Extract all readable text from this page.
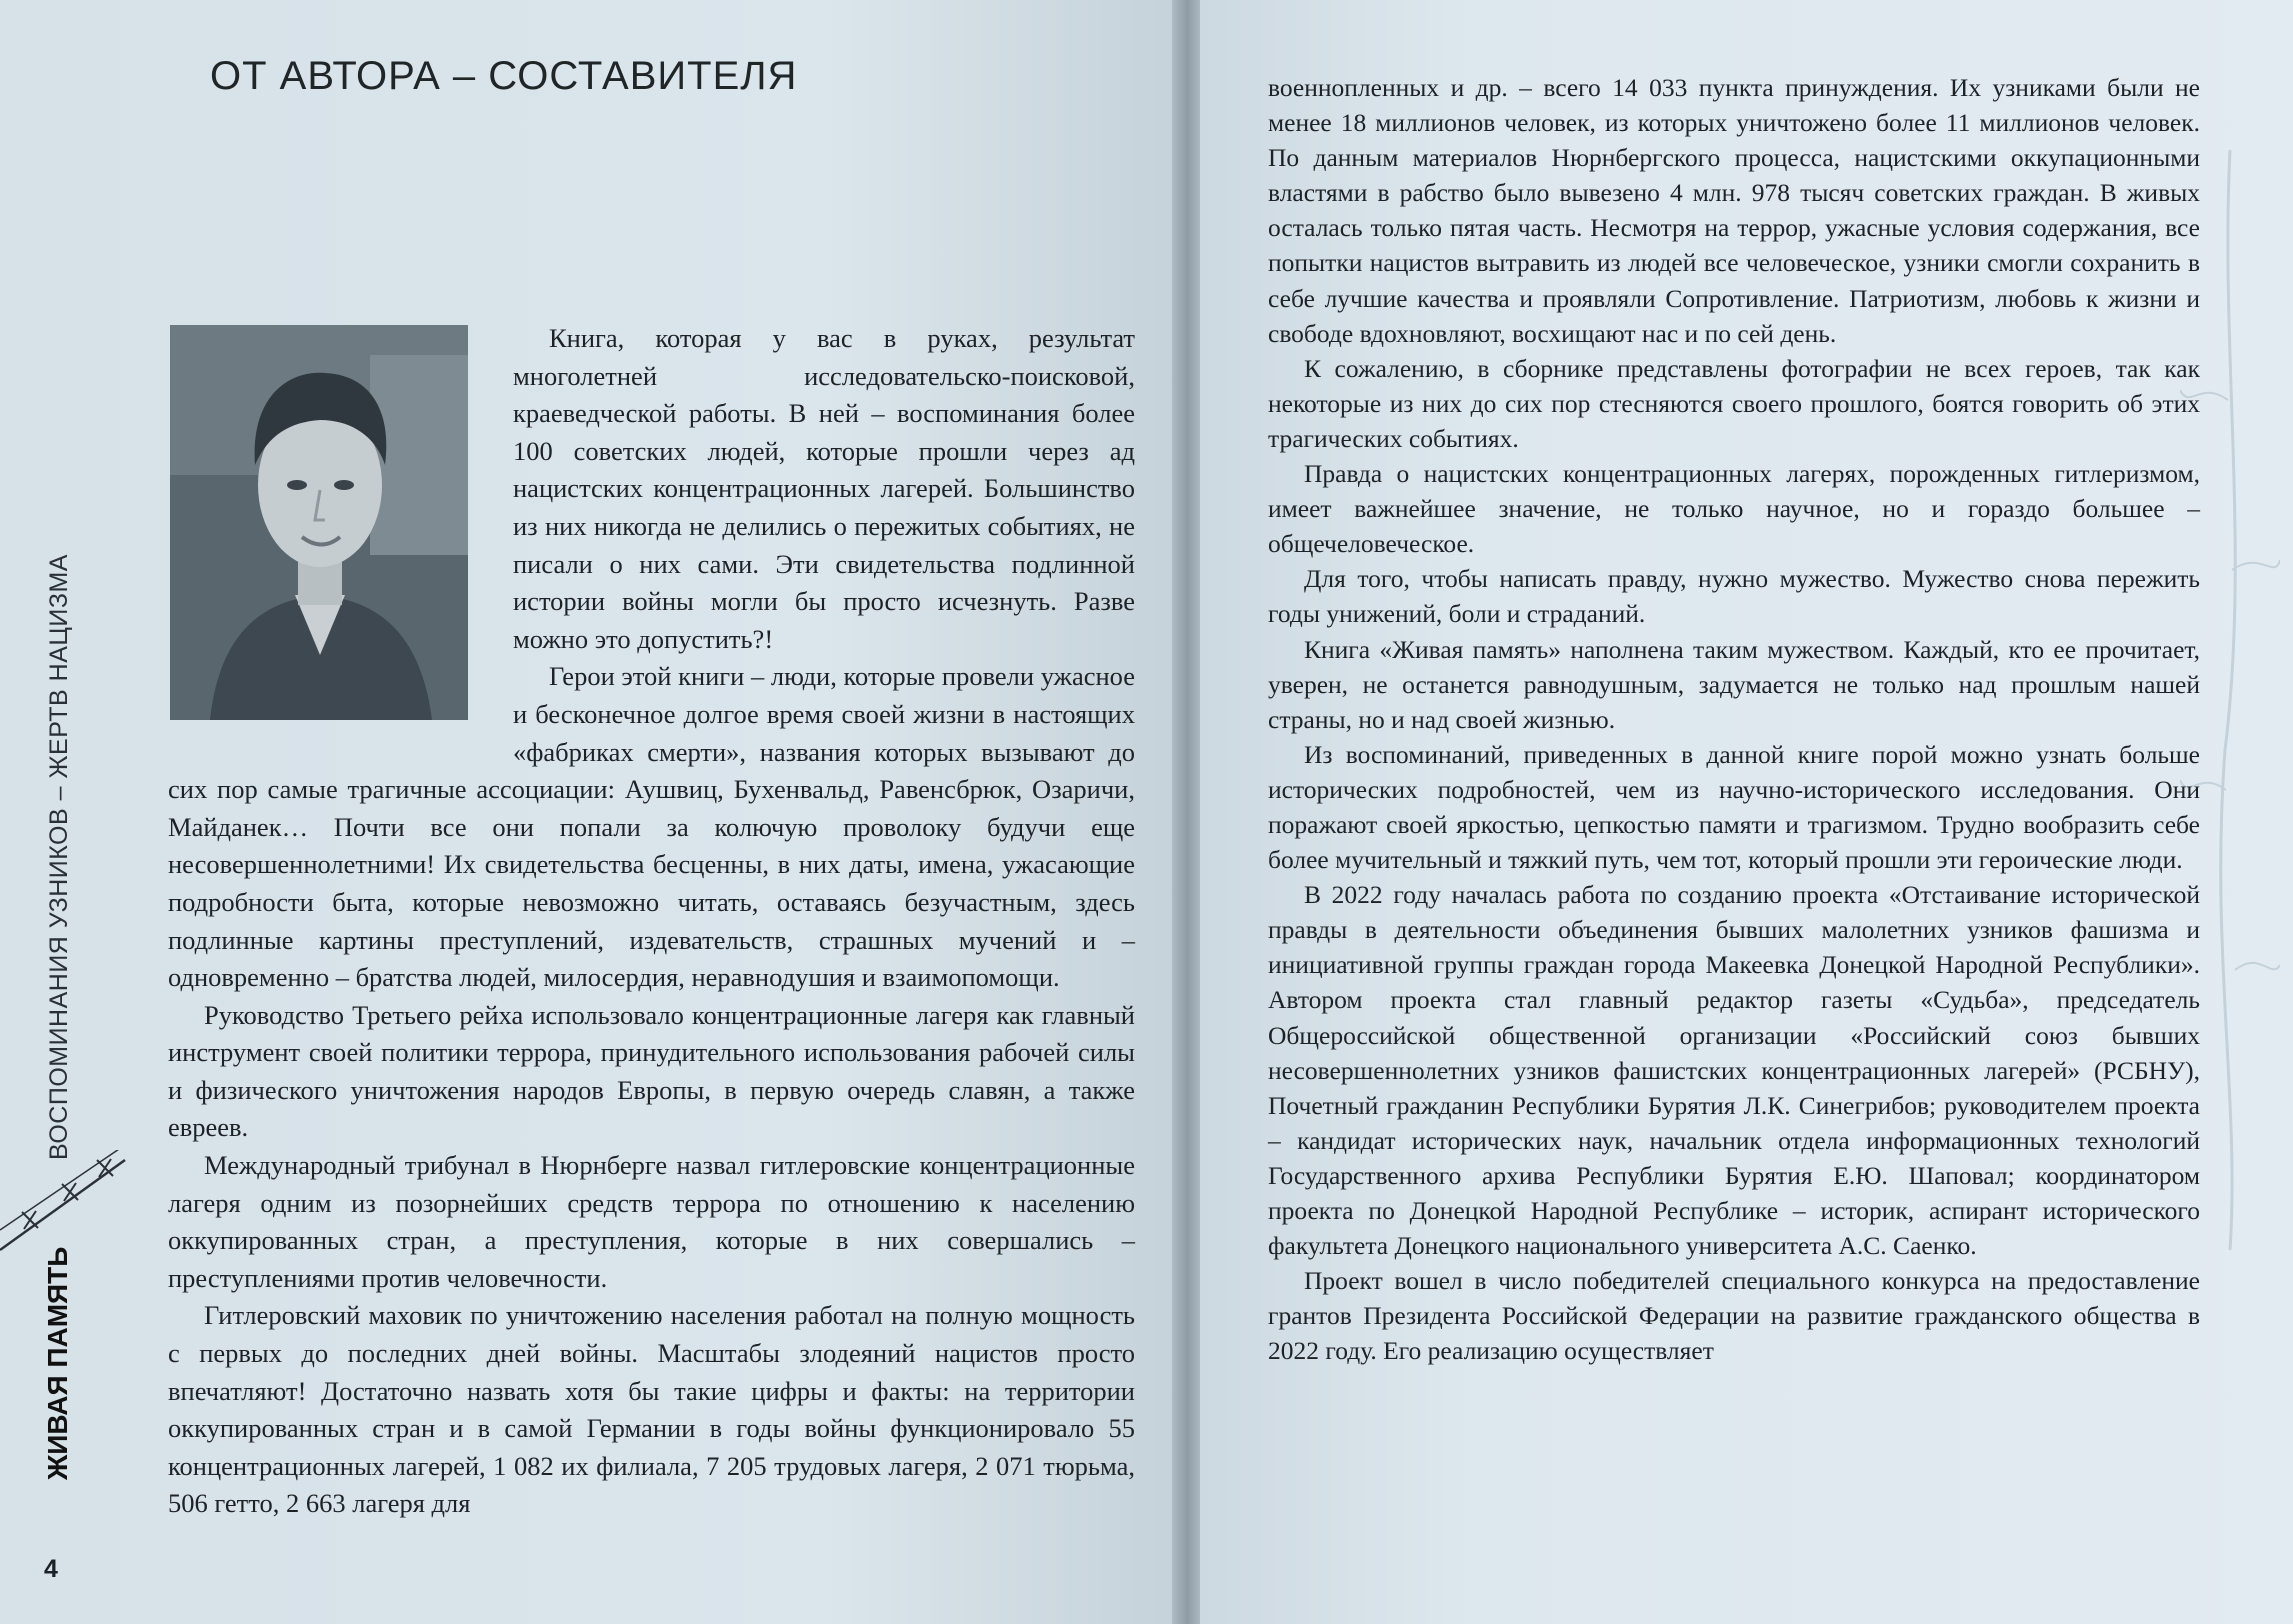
ОТ АВТОРА – СОСТАВИТЕЛЯ

Книга, которая у вас в руках, результат многолетней исследовательско-поисковой, краеведческой работы. В ней – воспоминания более 100 советских людей, которые прошли через ад нацистских концентрационных лагерей. Большинство из них никогда не делились о пережитых событиях, не писали о них сами. Эти свидетельства подлинной истории войны могли бы просто исчезнуть. Разве можно это допустить?!

Герои этой книги – люди, которые провели ужасное и бесконечное долгое время своей жизни в настоящих «фабриках смерти», названия которых вызывают до сих пор самые трагичные ассоциации: Аушвиц, Бухенвальд, Равенсбрюк, Озаричи, Майданек… Почти все они попали за колючую проволоку будучи еще несовершеннолетними! Их свидетельства бесценны, в них даты, имена, ужасающие подробности быта, которые невозможно читать, оставаясь безучастным, здесь подлинные картины преступлений, издевательств, страшных мучений и – одновременно – братства людей, милосердия, неравнодушия и взаимопомощи.

Руководство Третьего рейха использовало концентрационные лагеря как главный инструмент своей политики террора, принудительного использования рабочей силы и физического уничтожения народов Европы, в первую очередь славян, а также евреев.

Международный трибунал в Нюрнберге назвал гитлеровские концентрационные лагеря одним из позорнейших средств террора по отношению к населению оккупированных стран, а преступления, которые в них совершались – преступлениями против человечности.

Гитлеровский маховик по уничтожению населения работал на полную мощность с первых до последних дней войны. Масштабы злодеяний нацистов просто впечатляют! Достаточно назвать хотя бы такие цифры и факты: на территории оккупированных стран и в самой Германии в годы войны функционировало 55 концентрационных лагерей, 1 082 их филиала, 7 205 трудовых лагеря, 2 071 тюрьма, 506 гетто, 2 663 лагеря для

военнопленных и др. – всего 14 033 пункта принуждения. Их узниками были не менее 18 миллионов человек, из которых уничтожено более 11 миллионов человек. По данным материалов Нюрнбергского процесса, нацистскими оккупационными властями в рабство было вывезено 4 млн. 978 тысяч советских граждан. В живых осталась только пятая часть. Несмотря на террор, ужасные условия содержания, все попытки нацистов вытравить из людей все человеческое, узники смогли сохранить в себе лучшие качества и проявляли Сопротивление. Патриотизм, любовь к жизни и свободе вдохновляют, восхищают нас и по сей день.

К сожалению, в сборнике представлены фотографии не всех героев, так как некоторые из них до сих пор стесняются своего прошлого, боятся говорить об этих трагических событиях.

Правда о нацистских концентрационных лагерях, порожденных гитлеризмом, имеет важнейшее значение, не только научное, но и гораздо большее – общечеловеческое.

Для того, чтобы написать правду, нужно мужество. Мужество снова пережить годы унижений, боли и страданий.

Книга «Живая память» наполнена таким мужеством. Каждый, кто ее прочитает, уверен, не останется равнодушным, задумается не только над прошлым нашей страны, но и над своей жизнью.

Из воспоминаний, приведенных в данной книге порой можно узнать больше исторических подробностей, чем из научно-исторического исследования. Они поражают своей яркостью, цепкостью памяти и трагизмом. Трудно вообразить себе более мучительный и тяжкий путь, чем тот, который прошли эти героические люди.

В 2022 году началась работа по созданию проекта «Отстаивание исторической правды в деятельности объединения бывших малолетних узников фашизма и инициативной группы граждан города Макеевка Донецкой Народной Республики». Автором проекта стал главный редактор газеты «Судьба», председатель Общероссийской общественной организации «Российский союз бывших несовершеннолетних узников фашистских концентрационных лагерей» (РСБНУ), Почетный гражданин Республики Бурятия Л.К. Синегрибов; руководителем проекта – кандидат исторических наук, начальник отдела информационных технологий Государственного архива Республики Бурятия Е.Ю. Шаповал; координатором проекта по Донецкой Народной Республике – историк, аспирант исторического факультета Донецкого национального университета А.С. Саенко.

Проект вошел в число победителей специального конкурса на предоставление грантов Президента Российской Федерации на развитие гражданского общества в 2022 году. Его реализацию осуществляет

ВОСПОМИНАНИЯ УЗНИКОВ – ЖЕРТВ НАЦИЗМА
ЖИВАЯ ПАМЯТЬ
4
